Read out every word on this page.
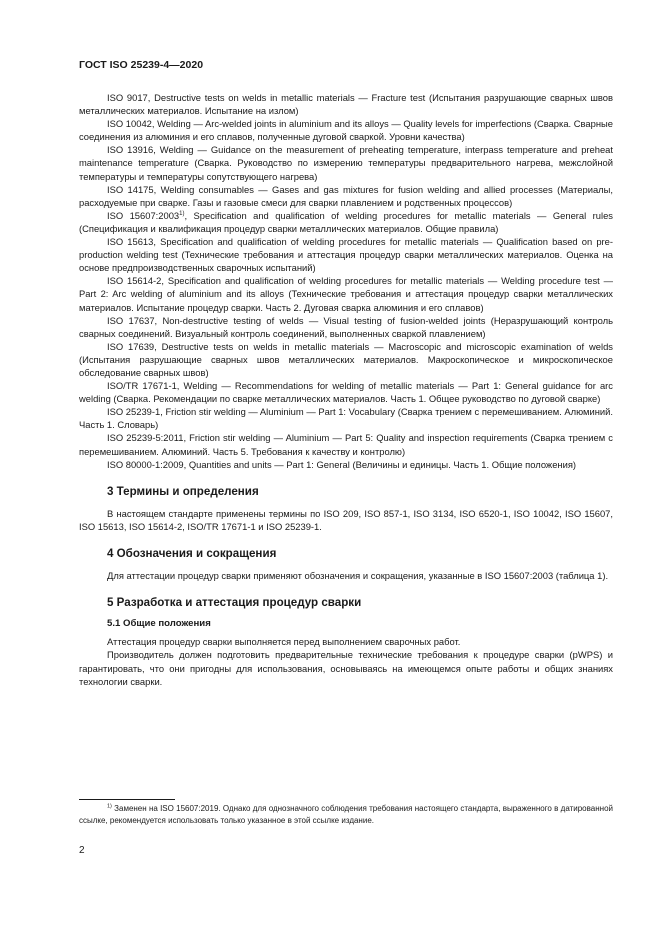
ГОСТ ISO 25239-4—2020

ISO 9017, Destructive tests on welds in metallic materials — Fracture test (Испытания разрушающие сварных швов металлических материалов. Испытание на излом)

ISO 10042, Welding — Arc-welded joints in aluminium and its alloys — Quality levels for imperfections (Сварка. Сварные соединения из алюминия и его сплавов, полученные дуговой сваркой. Уровни качества)

ISO 13916, Welding — Guidance on the measurement of preheating temperature, interpass temperature and preheat maintenance temperature (Сварка. Руководство по измерению температуры предварительного нагрева, межслойной температуры и температуры сопутствующего нагрева)

ISO 14175, Welding consumables — Gases and gas mixtures for fusion welding and allied processes (Материалы, расходуемые при сварке. Газы и газовые смеси для сварки плавлением и родственных процессов)

ISO 15607:2003$^{1)}$, Specification and qualification of welding procedures for metallic materials — General rules (Спецификация и квалификация процедур сварки металлических материалов. Общие правила)

ISO 15613, Specification and qualification of welding procedures for metallic materials — Qualification based on pre-production welding test (Технические требования и аттестация процедур сварки металлических материалов. Оценка на основе предпроизводственных сварочных испытаний)

ISO 15614-2, Specification and qualification of welding procedures for metallic materials — Welding procedure test — Part 2: Arc welding of aluminium and its alloys (Технические требования и аттестация процедур сварки металлических материалов. Испытание процедур сварки. Часть 2. Дуговая сварка алюминия и его сплавов)

ISO 17637, Non-destructive testing of welds — Visual testing of fusion-welded joints (Неразрушающий контроль сварных соединений. Визуальный контроль соединений, выполненных сваркой плавлением)

ISO 17639, Destructive tests on welds in metallic materials — Macroscopic and microscopic examination of welds (Испытания разрушающие сварных швов металлических материалов. Макроскопическое и микроскопическое обследование сварных швов)

ISO/TR 17671-1, Welding — Recommendations for welding of metallic materials — Part 1: General guidance for arc welding (Сварка. Рекомендации по сварке металлических материалов. Часть 1. Общее руководство по дуговой сварке)

ISO 25239-1, Friction stir welding — Aluminium — Part 1: Vocabulary (Сварка трением с перемешиванием. Алюминий. Часть 1. Словарь)

ISO 25239-5:2011, Friction stir welding — Aluminium — Part 5: Quality and inspection requirements (Сварка трением с перемешиванием. Алюминий. Часть 5. Требования к качеству и контролю)

ISO 80000-1:2009, Quantities and units — Part 1: General (Величины и единицы. Часть 1. Общие положения)

3 Термины и определения

В настоящем стандарте применены термины по ISO 209, ISO 857-1, ISO 3134, ISO 6520-1, ISO 10042, ISO 15607, ISO 15613, ISO 15614-2, ISO/TR 17671-1 и ISO 25239-1.

4 Обозначения и сокращения

Для аттестации процедур сварки применяют обозначения и сокращения, указанные в ISO 15607:2003 (таблица 1).

5 Разработка и аттестация процедур сварки
5.1 Общие положения

Аттестация процедур сварки выполняется перед выполнением сварочных работ.

Производитель должен подготовить предварительные технические требования к процедуре сварки (pWPS) и гарантировать, что они пригодны для использования, основываясь на имеющемся опыте работы и общих знаниях технологии сварки.

$^{1)}$ Заменен на ISO 15607:2019. Однако для однозначного соблюдения требования настоящего стандарта, выраженного в датированной ссылке, рекомендуется использовать только указанное в этой ссылке издание.
2
